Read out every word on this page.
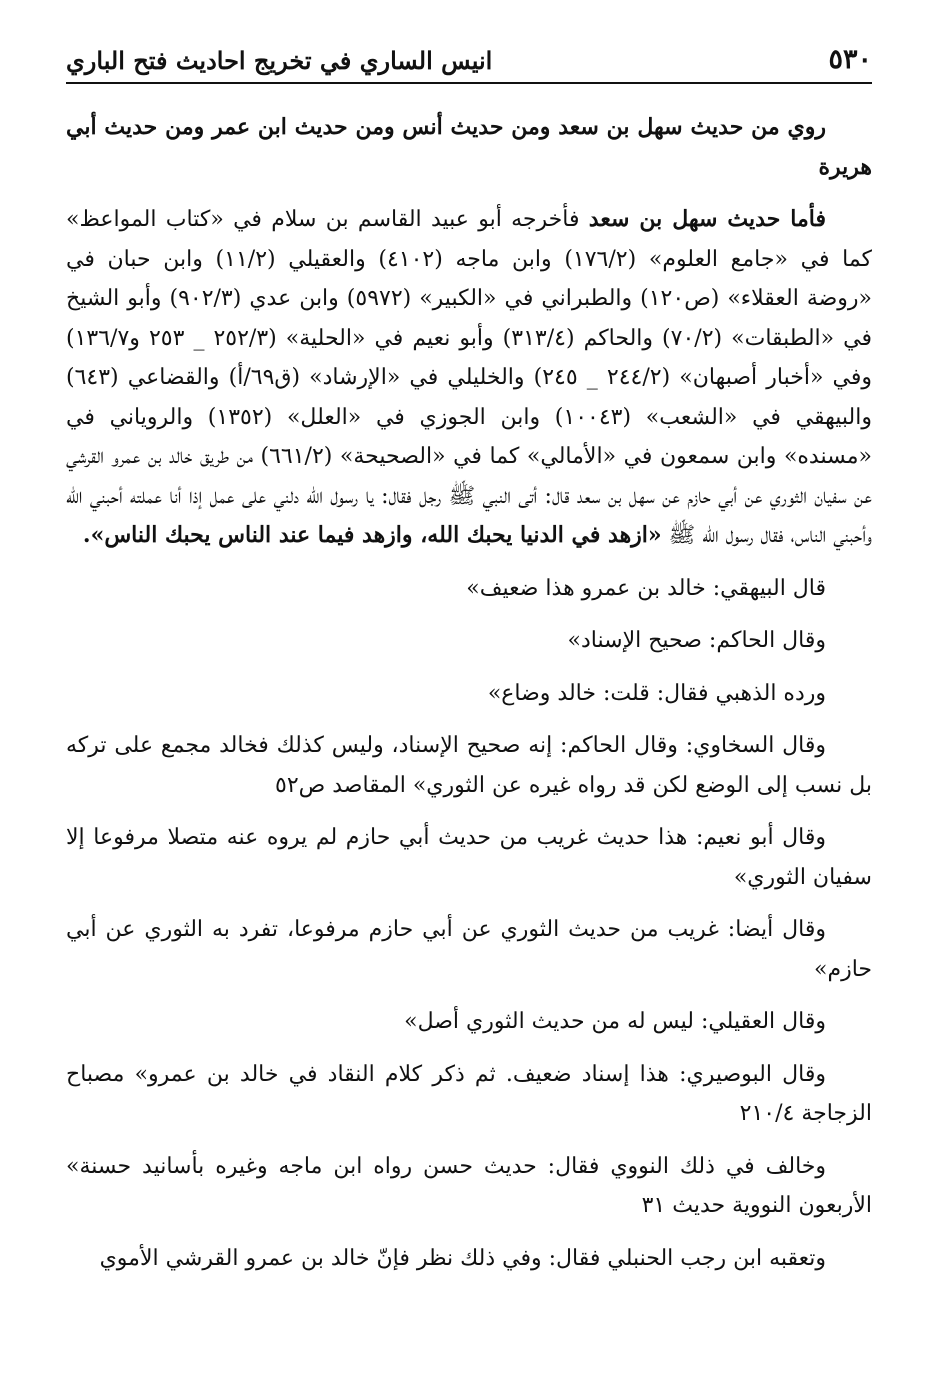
٥٣٠
انيس الساري في تخريج احاديث فتح الباري

روي من حديث سهل بن سعد ومن حديث أنس ومن حديث ابن عمر ومن حديث أبي هريرة

فأما حديث سهل بن سعد فأخرجه أبو عبيد القاسم بن سلام في «كتاب المواعظ» كما في «جامع العلوم» (١٧٦/٢) وابن ماجه (٤١٠٢) والعقيلي (١١/٢) وابن حبان في «روضة العقلاء» (ص١٢٠) والطبراني في «الكبير» (٥٩٧٢) وابن عدي (٩٠٢/٣) وأبو الشيخ في «الطبقات» (٧٠/٢) والحاكم (٣١٣/٤) وأبو نعيم في «الحلية» (٢٥٢/٣ _ ٢٥٣ و١٣٦/٧) وفي «أخبار أصبهان» (٢٤٤/٢ _ ٢٤٥) والخليلي في «الإرشاد» (ق٦٩/أ) والقضاعي (٦٤٣) والبيهقي في «الشعب» (١٠٠٤٣) وابن الجوزي في «العلل» (١٣٥٢) والروياني في «مسنده» وابن سمعون في «الأمالي» كما في «الصحيحة» (٦٦١/٢) من طريق خالد بن عمرو القرشي عن سفيان الثوري عن أبي حازم عن سهل بن سعد قال: أتى النبي ﷺ رجل فقال: يا رسول الله دلني على عمل إذا أنا عملته أحبني الله وأحبني الناس، فقال رسول الله ﷺ «ازهد في الدنيا يحبك الله، وازهد فيما عند الناس يحبك الناس».

قال البيهقي: خالد بن عمرو هذا ضعيف»

وقال الحاكم: صحيح الإسناد»

ورده الذهبي فقال: قلت: خالد وضاع»

وقال السخاوي: وقال الحاكم: إنه صحيح الإسناد، وليس كذلك فخالد مجمع على تركه بل نسب إلى الوضع لكن قد رواه غيره عن الثوري» المقاصد ص٥٢

وقال أبو نعيم: هذا حديث غريب من حديث أبي حازم لم يروه عنه متصلا مرفوعا إلا سفيان الثوري»

وقال أيضا: غريب من حديث الثوري عن أبي حازم مرفوعا، تفرد به الثوري عن أبي حازم»

وقال العقيلي: ليس له من حديث الثوري أصل»

وقال البوصيري: هذا إسناد ضعيف. ثم ذكر كلام النقاد في خالد بن عمرو» مصباح الزجاجة ٢١٠/٤

وخالف في ذلك النووي فقال: حديث حسن رواه ابن ماجه وغيره بأسانيد حسنة» الأربعون النووية حديث ٣١

وتعقبه ابن رجب الحنبلي فقال: وفي ذلك نظر فإنّ خالد بن عمرو القرشي الأموي
